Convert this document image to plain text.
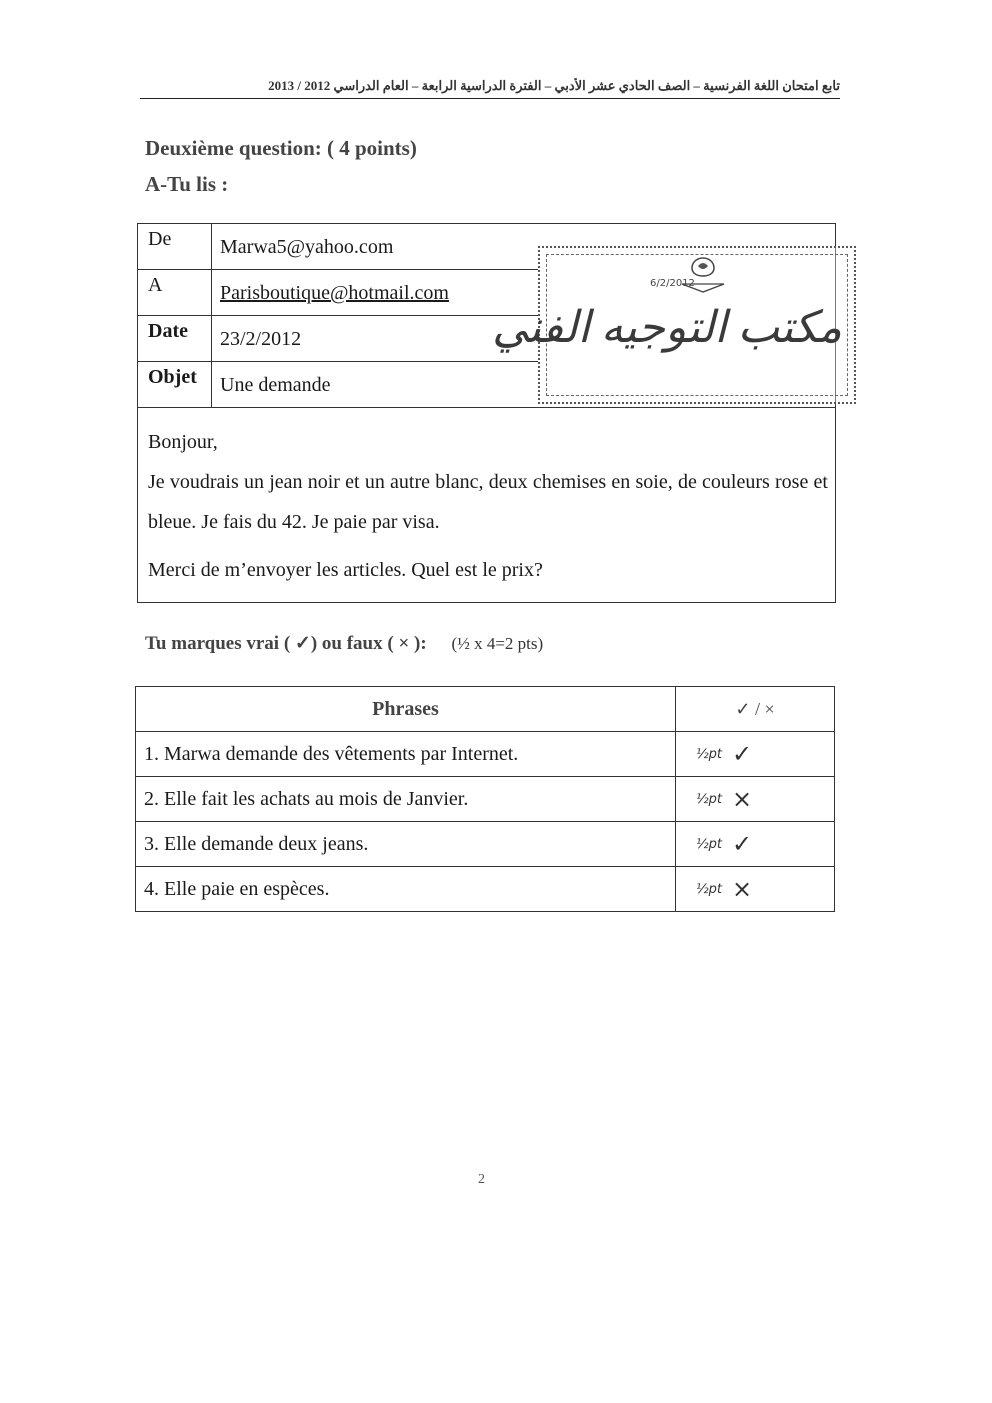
تابع امتحان اللغة الفرنسية – الصف الحادي عشر الأدبي – الفترة الدراسية الرابعة – العام الدراسي 2012 / 2013
Deuxième question: ( 4 points)
A-Tu lis :
De	Marwa5@yahoo.com
A	Parisboutique@hotmail.com
Date	23/2/2012
Objet	Une demande

Bonjour,

Je voudrais un jean noir et un autre blanc, deux chemises en soie, de couleurs rose et bleue. Je fais du 42. Je paie par visa.

Merci de m’envoyer les articles. Quel est le prix?

6/2/2012
مكتب التوجيه الفني
Tu marques vrai ( ✓) ou faux ( × ): (½ x 4=2 pts)
Phrases	✓ / ×
1. Marwa demande des vêtements par Internet.	½pt ✓
2. Elle fait les achats au mois de Janvier.	½pt ×
3. Elle demande deux jeans.	½pt ✓
4. Elle paie en espèces.	½pt ×
2
